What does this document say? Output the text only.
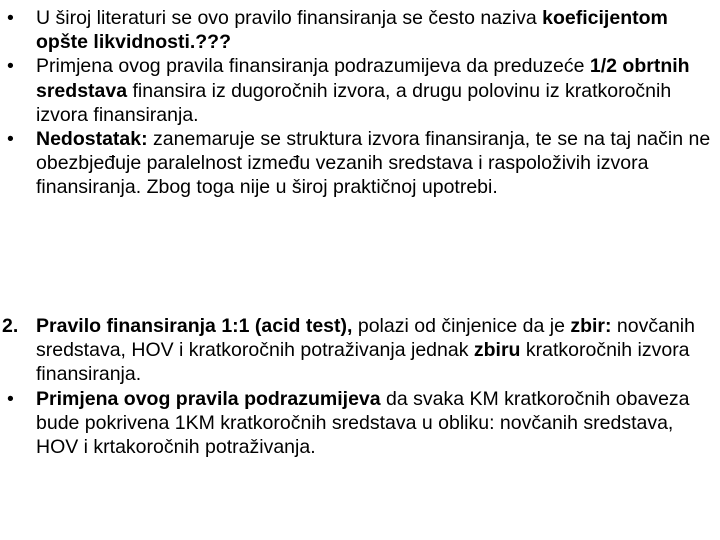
•	U široj literaturi se ovo pravilo finansiranja se često naziva koeficijentom opšte likvidnosti.???
•	Primjena ovog pravila finansiranja podrazumijeva da preduzeće 1/2 obrtnih sredstava finansira iz dugoročnih izvora, a drugu polovinu iz kratkoročnih izvora finansiranja.
•	Nedostatak: zanemaruje se struktura izvora finansiranja, te se na taj način ne obezbjeđuje paralelnost između vezanih sredstava i raspoloživih izvora finansiranja. Zbog toga nije u široj praktičnoj upotrebi.
2. Pravilo finansiranja 1:1 (acid test), polazi od činjenice da je zbir: novčanih sredstava, HOV i kratkoročnih potraživanja jednak zbiru kratkoročnih izvora finansiranja.
•	Primjena ovog pravila podrazumijeva da svaka KM kratkoročnih obaveza bude pokrivena 1KM kratkoročnih sredstava u obliku: novčanih sredstava, HOV i krtakoročnih potraživanja.
